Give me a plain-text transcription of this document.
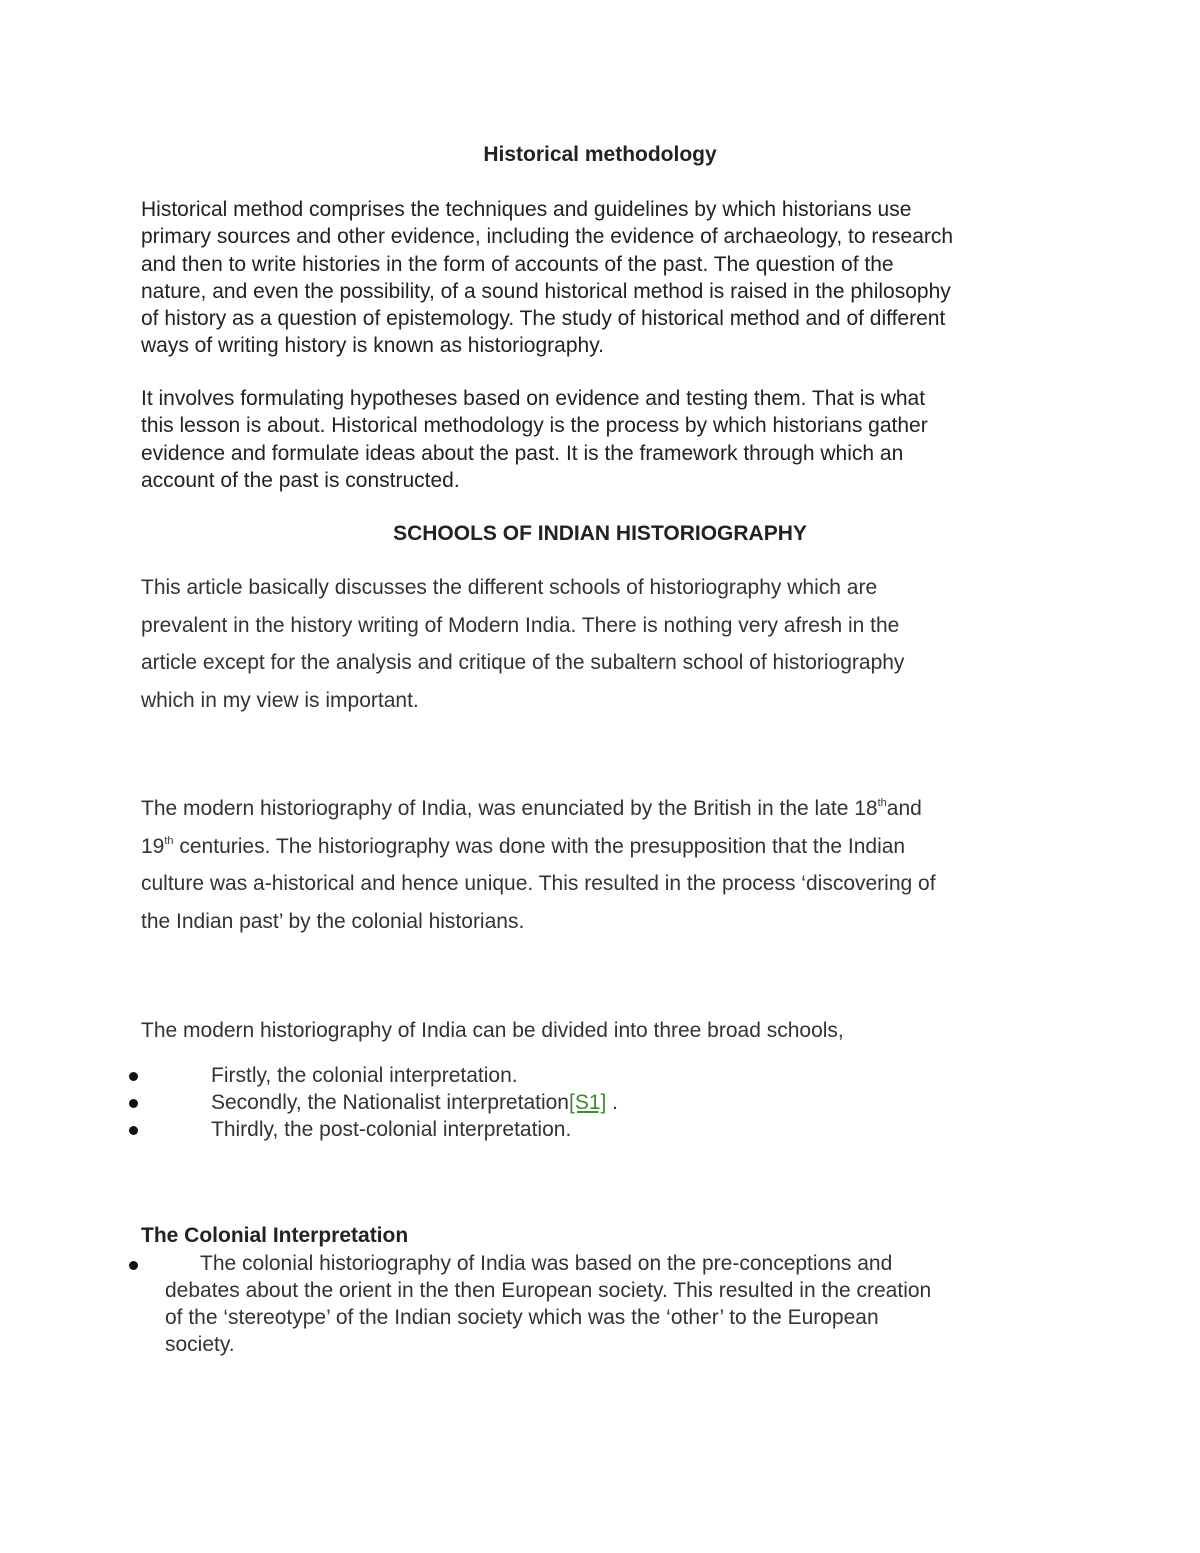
Historical methodology

Historical method comprises the techniques and guidelines by which historians use
primary sources and other evidence, including the evidence of archaeology, to research
and then to write histories in the form of accounts of the past. The question of the
nature, and even the possibility, of a sound historical method is raised in the philosophy
of history as a question of epistemology. The study of historical method and of different
ways of writing history is known as historiography.

It involves formulating hypotheses based on evidence and testing them. That is what
this lesson is about. Historical methodology is the process by which historians gather
evidence and formulate ideas about the past. It is the framework through which an
account of the past is constructed.

SCHOOLS OF INDIAN HISTORIOGRAPHY

This article basically discusses the different schools of historiography which are
prevalent in the history writing of Modern India. There is nothing very afresh in the
article except for the analysis and critique of the subaltern school of historiography
which in my view is important.

The modern historiography of India, was enunciated by the British in the late 18thand
19th centuries. The historiography was done with the presupposition that the Indian
culture was a-historical and hence unique. This resulted in the process ‘discovering of
the Indian past’ by the colonial historians.

The modern historiography of India can be divided into three broad schools,

Firstly, the colonial interpretation.
Secondly, the Nationalist interpretation[S1] .
Thirdly, the post-colonial interpretation.
The Colonial Interpretation
The colonial historiography of India was based on the pre-conceptions and
debates about the orient in the then European society. This resulted in the creation
of the ‘stereotype’ of the Indian society which was the ‘other’ to the European
society.
